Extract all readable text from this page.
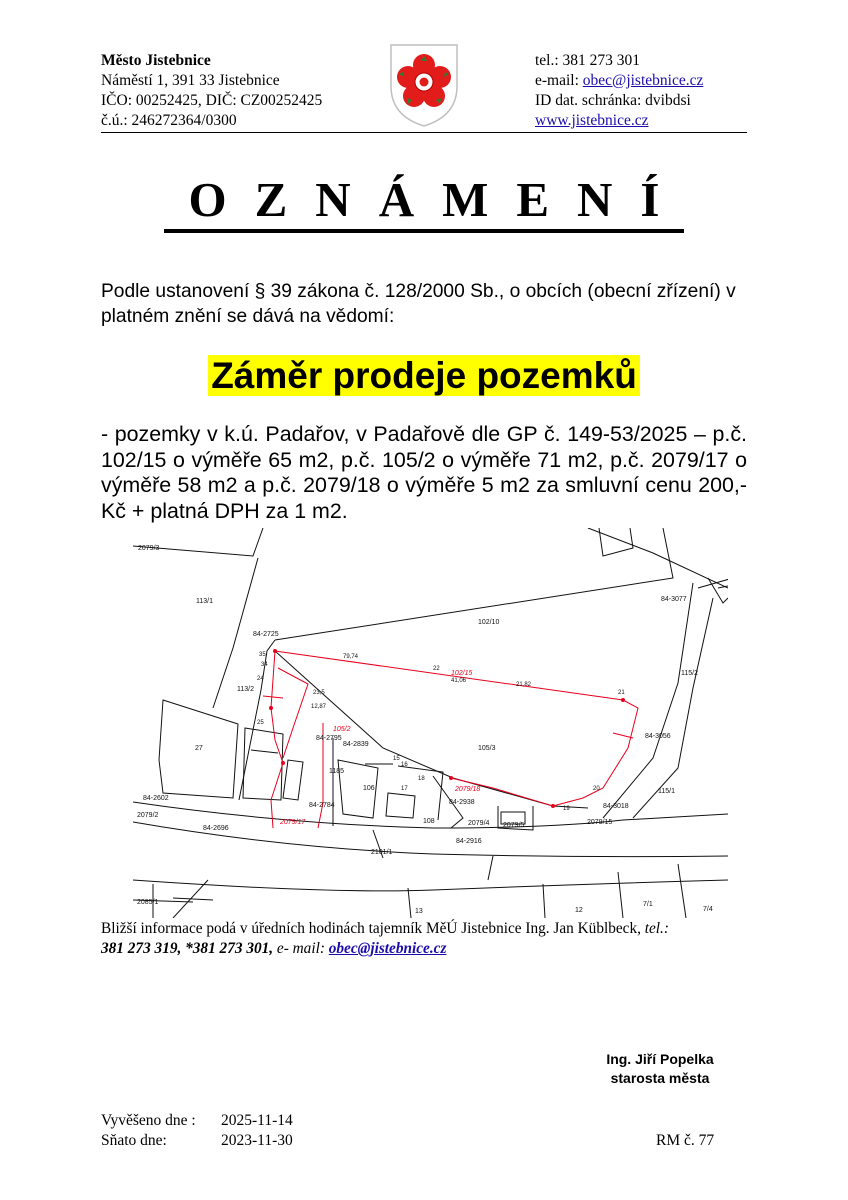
Město Jistebnice
Náměstí 1, 391 33 Jistebnice
IČO: 00252425, DIČ: CZ00252425
č.ú.: 246272364/0300
tel.: 381 273 301
e-mail: obec@jistebnice.cz
ID dat. schránka: dvibdsi
www.jistebnice.cz
OZNÁMENÍ
Podle ustanovení § 39 zákona č. 128/2000 Sb., o obcích (obecní zřízení) v platném znění se dává na vědomí:
Záměr prodeje pozemků
- pozemky v k.ú. Padařov, v Padařově dle GP č. 149-53/2025 – p.č. 102/15 o výměře 65 m2, p.č. 105/2 o výměře 71 m2, p.č. 2079/17 o výměře 58 m2 a p.č. 2079/18 o výměře 5 m2 za smluvní cenu 200,- Kč + platná DPH za 1 m2.
79,74
22
41,06
21,82
21
35
34
24
25
15
16
17	20
19
18
23,5
12,87
2079/3
113/1
102/10
84-3077
84-2725
113/2
115/2
105/3
84-2839
84-2795	84-3056
27
84-2602
2079/2
84-2696
84-2784
106
108
84-2938
84-3018
115/1
2079/4	2079/15
2079/5
84-2916
2101/1
2085/1
13	12
7/1
7/4
1185
102/15
105/2
2079/17
2079/18
Bližší informace podá v úředních hodinách tajemník MěÚ Jistebnice Ing. Jan Küblbeck, tel.:
381 273 319, *381 273 301, e- mail: obec@jistebnice.cz
Ing. Jiří Popelka
starosta města
Vyvěšeno dne : 2025-11-14
Sňato dne:	2023-11-30	RM č. 77
